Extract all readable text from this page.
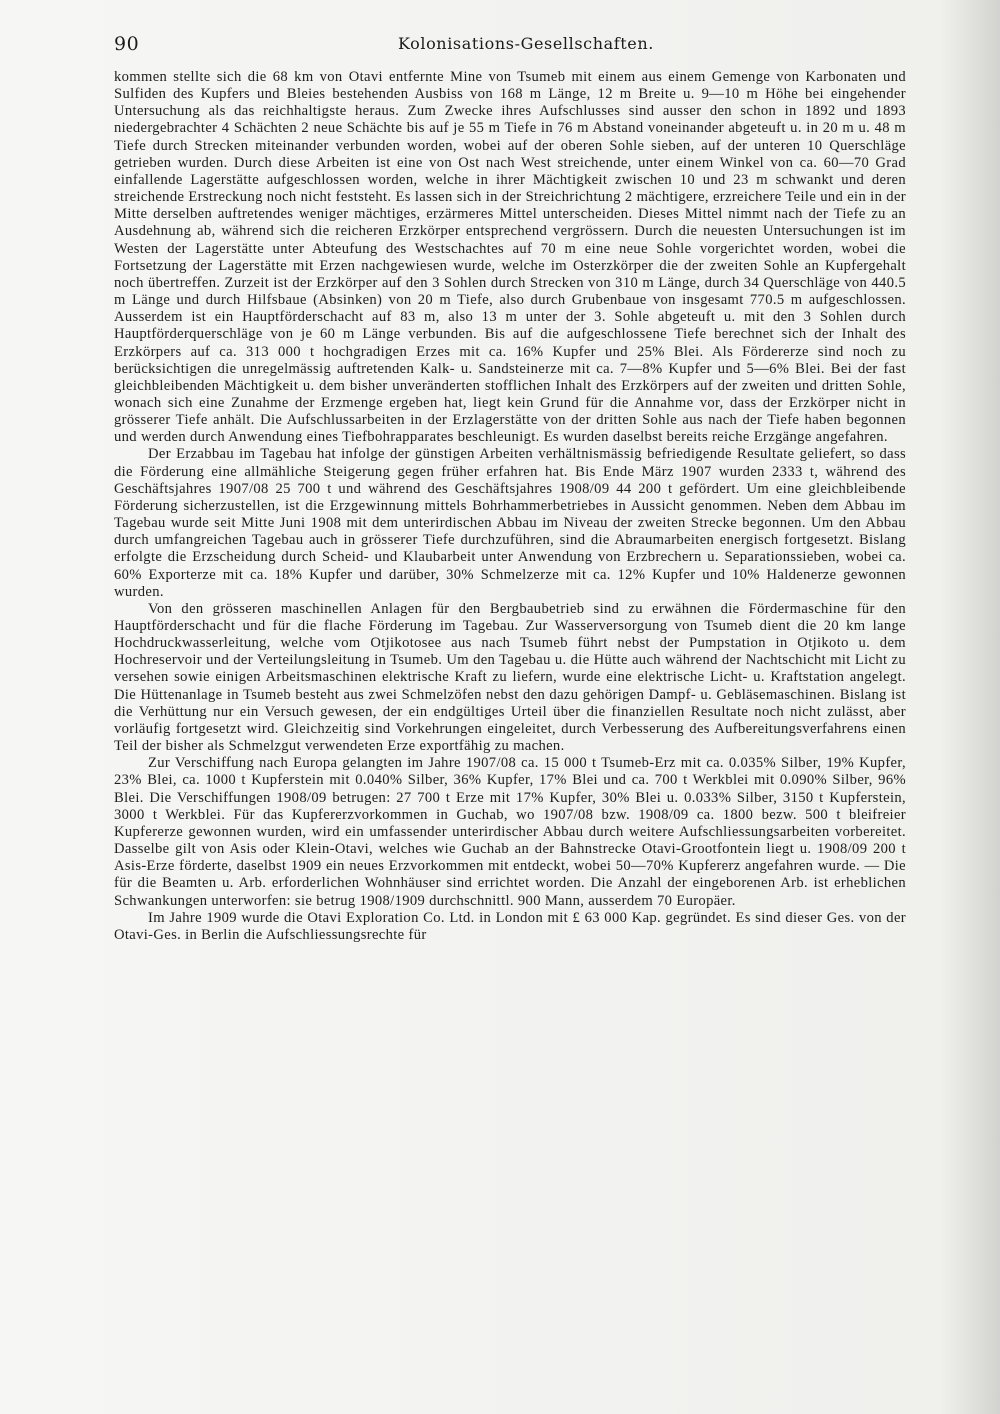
90	Kolonisations-Gesellschaften.

kommen stellte sich die 68 km von Otavi entfernte Mine von Tsumeb mit einem aus einem Gemenge von Karbonaten und Sulfiden des Kupfers und Bleies bestehenden Ausbiss von 168 m Länge, 12 m Breite u. 9—10 m Höhe bei eingehender Untersuchung als das reichhaltigste heraus. Zum Zwecke ihres Aufschlusses sind ausser den schon in 1892 und 1893 niedergebrachter 4 Schächten 2 neue Schächte bis auf je 55 m Tiefe in 76 m Abstand voneinander abgeteuft u. in 20 m u. 48 m Tiefe durch Strecken miteinander verbunden worden, wobei auf der oberen Sohle sieben, auf der unteren 10 Querschläge getrieben wurden. Durch diese Arbeiten ist eine von Ost nach West streichende, unter einem Winkel von ca. 60—70 Grad einfallende Lagerstätte aufgeschlossen worden, welche in ihrer Mächtigkeit zwischen 10 und 23 m schwankt und deren streichende Erstreckung noch nicht feststeht. Es lassen sich in der Streichrichtung 2 mächtigere, erzreichere Teile und ein in der Mitte derselben auftretendes weniger mächtiges, erzärmeres Mittel unterscheiden. Dieses Mittel nimmt nach der Tiefe zu an Ausdehnung ab, während sich die reicheren Erzkörper entsprechend vergrössern. Durch die neuesten Untersuchungen ist im Westen der Lagerstätte unter Abteufung des Westschachtes auf 70 m eine neue Sohle vorgerichtet worden, wobei die Fortsetzung der Lagerstätte mit Erzen nachgewiesen wurde, welche im Osterzkörper die der zweiten Sohle an Kupfergehalt noch übertreffen. Zurzeit ist der Erzkörper auf den 3 Sohlen durch Strecken von 310 m Länge, durch 34 Querschläge von 440.5 m Länge und durch Hilfsbaue (Absinken) von 20 m Tiefe, also durch Grubenbaue von insgesamt 770.5 m aufgeschlossen. Ausserdem ist ein Hauptförderschacht auf 83 m, also 13 m unter der 3. Sohle abgeteuft u. mit den 3 Sohlen durch Hauptförderquerschläge von je 60 m Länge verbunden. Bis auf die aufgeschlossene Tiefe berechnet sich der Inhalt des Erzkörpers auf ca. 313 000 t hochgradigen Erzes mit ca. 16% Kupfer und 25% Blei. Als Fördererze sind noch zu berücksichtigen die unregelmässig auftretenden Kalk- u. Sandsteinerze mit ca. 7—8% Kupfer und 5—6% Blei. Bei der fast gleichbleibenden Mächtigkeit u. dem bisher unveränderten stofflichen Inhalt des Erzkörpers auf der zweiten und dritten Sohle, wonach sich eine Zunahme der Erzmenge ergeben hat, liegt kein Grund für die Annahme vor, dass der Erzkörper nicht in grösserer Tiefe anhält. Die Aufschlussarbeiten in der Erzlagerstätte von der dritten Sohle aus nach der Tiefe haben begonnen und werden durch Anwendung eines Tiefbohrapparates beschleunigt. Es wurden daselbst bereits reiche Erzgänge angefahren.

Der Erzabbau im Tagebau hat infolge der günstigen Arbeiten verhältnismässig befriedigende Resultate geliefert, so dass die Förderung eine allmähliche Steigerung gegen früher erfahren hat. Bis Ende März 1907 wurden 2333 t, während des Geschäftsjahres 1907/08 25 700 t und während des Geschäftsjahres 1908/09 44 200 t gefördert. Um eine gleichbleibende Förderung sicherzustellen, ist die Erzgewinnung mittels Bohrhammerbetriebes in Aussicht genommen. Neben dem Abbau im Tagebau wurde seit Mitte Juni 1908 mit dem unterirdischen Abbau im Niveau der zweiten Strecke begonnen. Um den Abbau durch umfangreichen Tagebau auch in grösserer Tiefe durchzuführen, sind die Abraumarbeiten energisch fortgesetzt. Bislang erfolgte die Erzscheidung durch Scheid- und Klaubarbeit unter Anwendung von Erzbrechern u. Separationssieben, wobei ca. 60% Exporterze mit ca. 18% Kupfer und darüber, 30% Schmelzerze mit ca. 12% Kupfer und 10% Haldenerze gewonnen wurden.

Von den grösseren maschinellen Anlagen für den Bergbaubetrieb sind zu erwähnen die Fördermaschine für den Hauptförderschacht und für die flache Förderung im Tagebau. Zur Wasserversorgung von Tsumeb dient die 20 km lange Hochdruckwasserleitung, welche vom Otjikotosee aus nach Tsumeb führt nebst der Pumpstation in Otjikoto u. dem Hochreservoir und der Verteilungsleitung in Tsumeb. Um den Tagebau u. die Hütte auch während der Nachtschicht mit Licht zu versehen sowie einigen Arbeitsmaschinen elektrische Kraft zu liefern, wurde eine elektrische Licht- u. Kraftstation angelegt. Die Hüttenanlage in Tsumeb besteht aus zwei Schmelzöfen nebst den dazu gehörigen Dampf- u. Gebläsemaschinen. Bislang ist die Verhüttung nur ein Versuch gewesen, der ein endgültiges Urteil über die finanziellen Resultate noch nicht zulässt, aber vorläufig fortgesetzt wird. Gleichzeitig sind Vorkehrungen eingeleitet, durch Verbesserung des Aufbereitungsverfahrens einen Teil der bisher als Schmelzgut verwendeten Erze exportfähig zu machen.

Zur Verschiffung nach Europa gelangten im Jahre 1907/08 ca. 15 000 t Tsumeb-Erz mit ca. 0.035% Silber, 19% Kupfer, 23% Blei, ca. 1000 t Kupferstein mit 0.040% Silber, 36% Kupfer, 17% Blei und ca. 700 t Werkblei mit 0.090% Silber, 96% Blei. Die Verschiffungen 1908/09 betrugen: 27 700 t Erze mit 17% Kupfer, 30% Blei u. 0.033% Silber, 3150 t Kupferstein, 3000 t Werkblei. Für das Kupfererzvorkommen in Guchab, wo 1907/08 bzw. 1908/09 ca. 1800 bezw. 500 t bleifreier Kupfererze gewonnen wurden, wird ein umfassender unterirdischer Abbau durch weitere Aufschliessungsarbeiten vorbereitet. Dasselbe gilt von Asis oder Klein-Otavi, welches wie Guchab an der Bahnstrecke Otavi-Grootfontein liegt u. 1908/09 200 t Asis-Erze förderte, daselbst 1909 ein neues Erzvorkommen mit entdeckt, wobei 50—70% Kupfererz angefahren wurde. — Die für die Beamten u. Arb. erforderlichen Wohnhäuser sind errichtet worden. Die Anzahl der eingeborenen Arb. ist erheblichen Schwankungen unterworfen: sie betrug 1908/1909 durchschnittl. 900 Mann, ausserdem 70 Europäer.

Im Jahre 1909 wurde die Otavi Exploration Co. Ltd. in London mit £ 63 000 Kap. gegründet. Es sind dieser Ges. von der Otavi-Ges. in Berlin die Aufschliessungsrechte für
